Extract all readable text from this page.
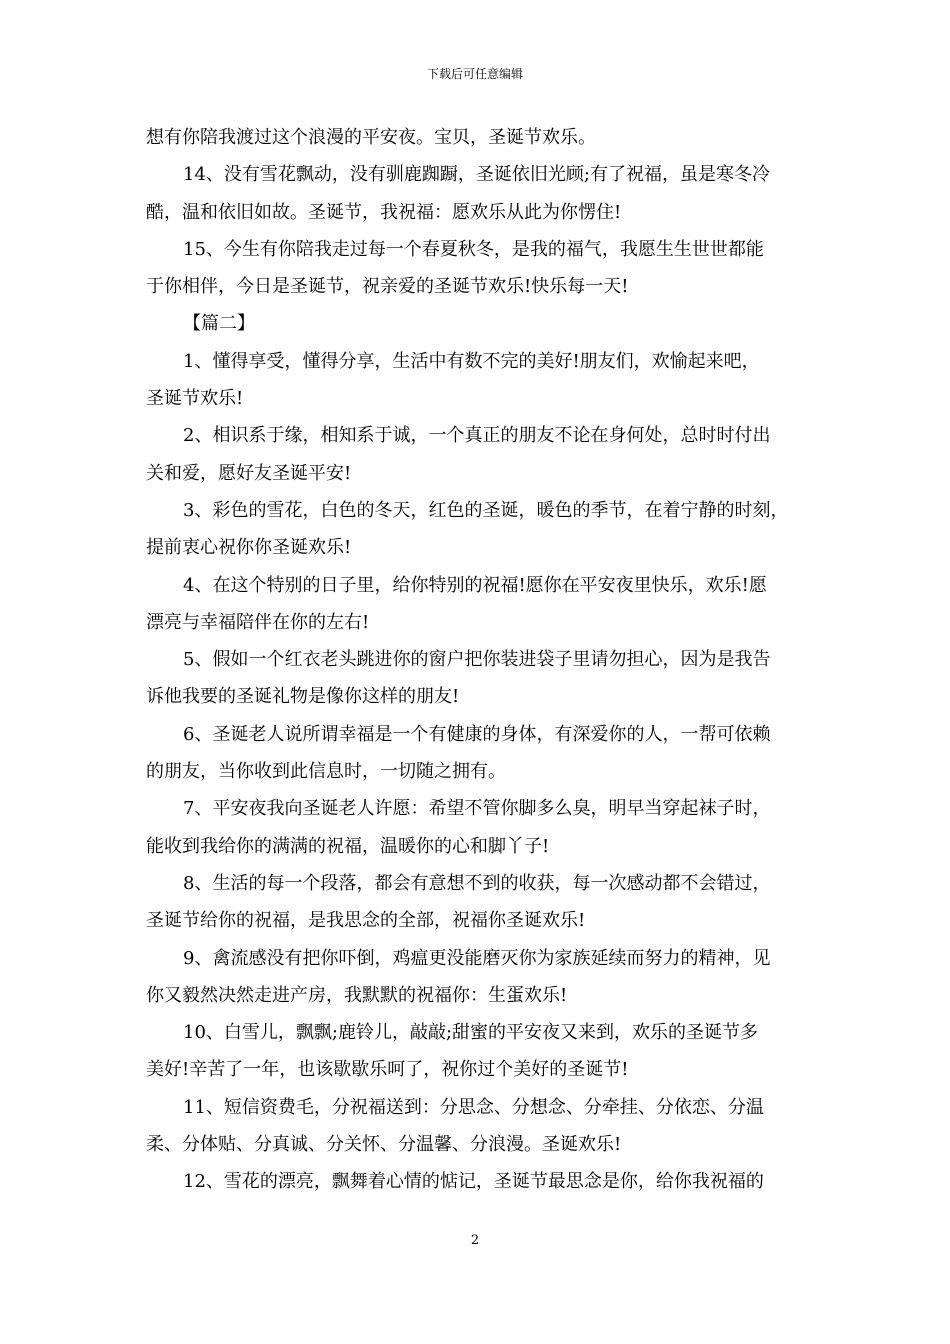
下载后可任意编辑
想有你陪我渡过这个浪漫的平安夜。宝贝，圣诞节欢乐。
14、没有雪花飘动，没有驯鹿踟蹰，圣诞依旧光顾;有了祝福，虽是寒冬冷
酷，温和依旧如故。圣诞节，我祝福：愿欢乐从此为你愣住!
15、今生有你陪我走过每一个春夏秋冬，是我的福气，我愿生生世世都能
于你相伴，今日是圣诞节，祝亲爱的圣诞节欢乐!快乐每一天!
【篇二】
1、懂得享受，懂得分享，生活中有数不完的美好!朋友们，欢愉起来吧，
圣诞节欢乐!
2、相识系于缘，相知系于诚，一个真正的朋友不论在身何处，总时时付出
关和爱，愿好友圣诞平安!
3、彩色的雪花，白色的冬天，红色的圣诞，暖色的季节，在着宁静的时刻，
提前衷心祝你你圣诞欢乐!
4、在这个特别的日子里，给你特别的祝福!愿你在平安夜里快乐，欢乐!愿
漂亮与幸福陪伴在你的左右!
5、假如一个红衣老头跳进你的窗户把你装进袋子里请勿担心，因为是我告
诉他我要的圣诞礼物是像你这样的朋友!
6、圣诞老人说所谓幸福是一个有健康的身体，有深爱你的人，一帮可依赖
的朋友，当你收到此信息时，一切随之拥有。
7、平安夜我向圣诞老人许愿：希望不管你脚多么臭，明早当穿起袜子时，
能收到我给你的满满的祝福，温暖你的心和脚丫子!
8、生活的每一个段落，都会有意想不到的收获，每一次感动都不会错过，
圣诞节给你的祝福，是我思念的全部，祝福你圣诞欢乐!
9、禽流感没有把你吓倒，鸡瘟更没能磨灭你为家族延续而努力的精神，见
你又毅然决然走进产房，我默默的祝福你：生蛋欢乐!
10、白雪儿，飘飘;鹿铃儿，敲敲;甜蜜的平安夜又来到，欢乐的圣诞节多
美好!辛苦了一年，也该歇歇乐呵了，祝你过个美好的圣诞节!
11、短信资费毛，分祝福送到：分思念、分想念、分牵挂、分依恋、分温
柔、分体贴、分真诚、分关怀、分温馨、分浪漫。圣诞欢乐!
12、雪花的漂亮，飘舞着心情的惦记，圣诞节最思念是你，给你我祝福的
2
